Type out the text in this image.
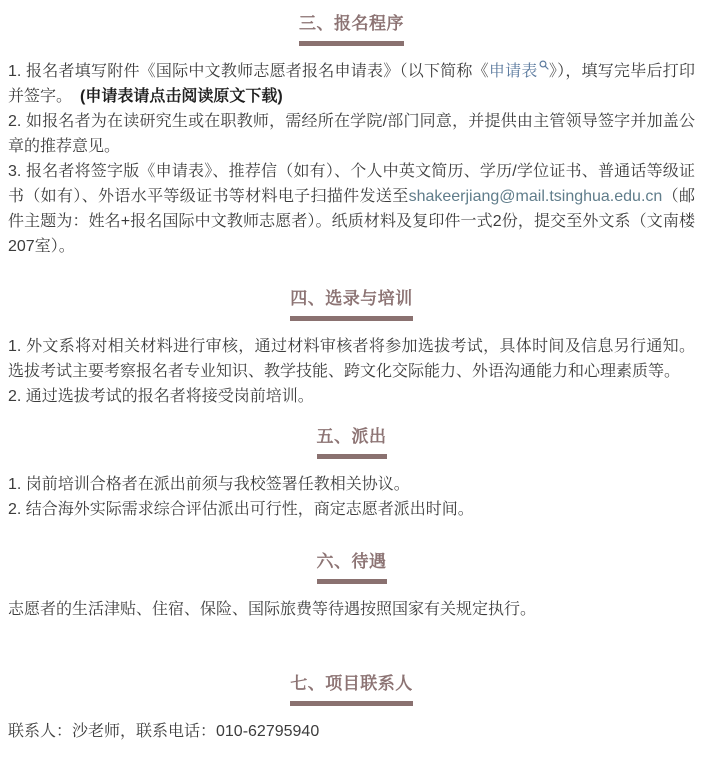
三、报名程序

1. 报名者填写附件《国际中文教师志愿者报名申请表》（以下简称《申请表 》），填写完毕后打印并签字。 (申请表请点击阅读原文下载)

2. 如报名者为在读研究生或在职教师，需经所在学院/部门同意，并提供由主管领导签字并加盖公章的推荐意见。

3. 报名者将签字版《申请表》、推荐信（如有）、个人中英文简历、学历/学位证书、普通话等级证书（如有）、外语水平等级证书等材料电子扫描件发送至shakeerjiang@mail.tsinghua.edu.cn（邮件主题为：姓名+报名国际中文教师志愿者）。纸质材料及复印件一式2份，提交至外文系（文南楼207室）。

四、选录与培训

1. 外文系将对相关材料进行审核，通过材料审核者将参加选拔考试，具体时间及信息另行通知。选拔考试主要考察报名者专业知识、教学技能、跨文化交际能力、外语沟通能力和心理素质等。

2. 通过选拔考试的报名者将接受岗前培训。

五、派出

1. 岗前培训合格者在派出前须与我校签署任教相关协议。

2. 结合海外实际需求综合评估派出可行性，商定志愿者派出时间。

六、待遇

志愿者的生活津贴、住宿、保险、国际旅费等待遇按照国家有关规定执行。

七、项目联系人

联系人：沙老师，联系电话：010-62795940
